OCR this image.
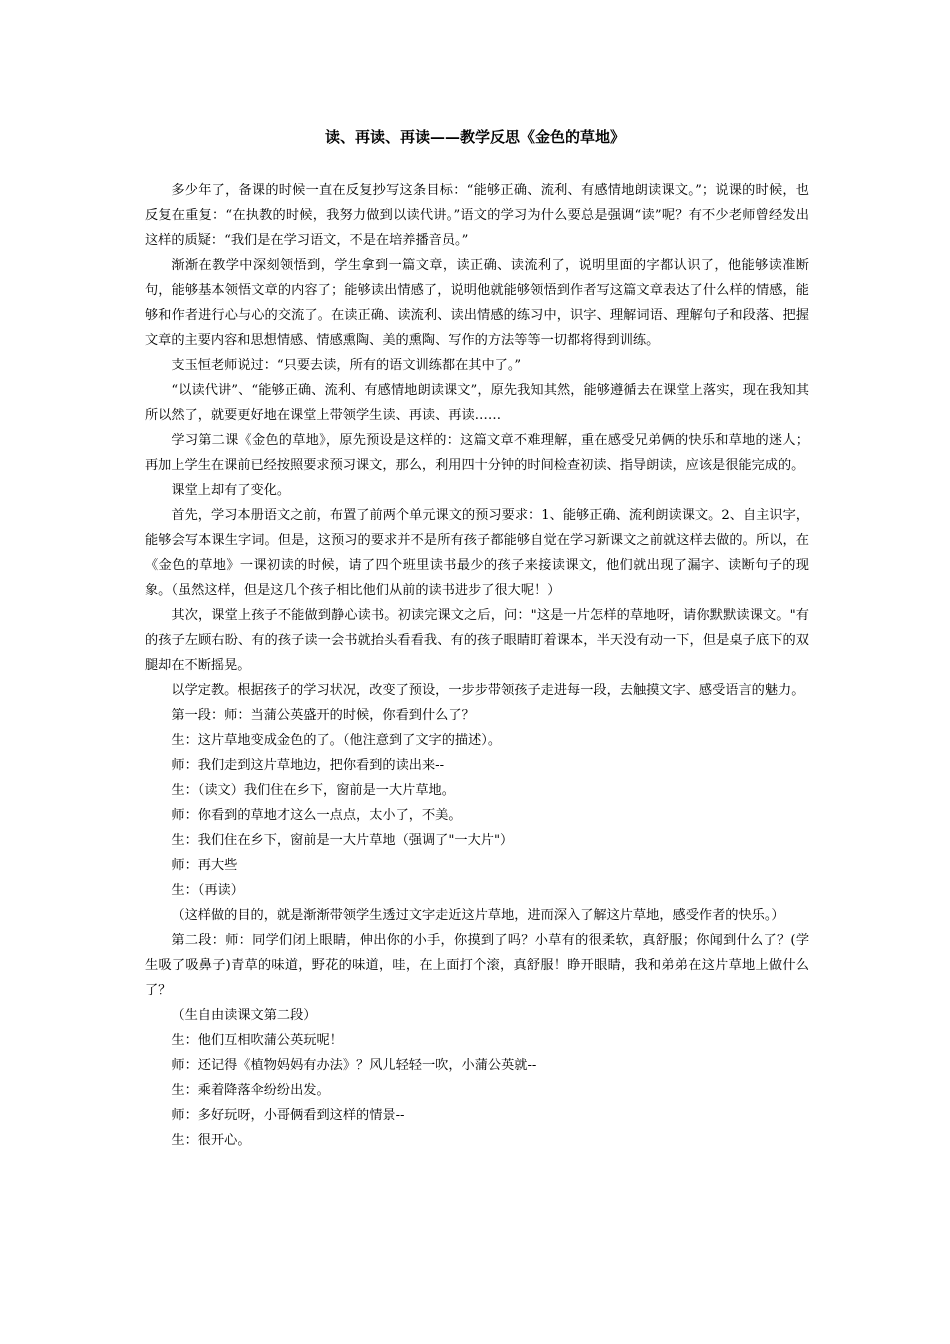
读、再读、再读——教学反思《金色的草地》

多少年了，备课的时候一直在反复抄写这条目标：“能够正确、流利、有感情地朗读课文。”；说课的时候，也反复在重复：“在执教的时候，我努力做到以读代讲。”语文的学习为什么要总是强调“读”呢？有不少老师曾经发出这样的质疑：“我们是在学习语文，不是在培养播音员。”

渐渐在教学中深刻领悟到，学生拿到一篇文章，读正确、读流利了，说明里面的字都认识了，他能够读准断句，能够基本领悟文章的内容了；能够读出情感了，说明他就能够领悟到作者写这篇文章表达了什么样的情感，能够和作者进行心与心的交流了。在读正确、读流利、读出情感的练习中，识字、理解词语、理解句子和段落、把握文章的主要内容和思想情感、情感熏陶、美的熏陶、写作的方法等等一切都将得到训练。

支玉恒老师说过：“只要去读，所有的语文训练都在其中了。”

“以读代讲”、“能够正确、流利、有感情地朗读课文”，原先我知其然，能够遵循去在课堂上落实，现在我知其所以然了，就要更好地在课堂上带领学生读、再读、再读……

学习第二课《金色的草地》，原先预设是这样的：这篇文章不难理解，重在感受兄弟俩的快乐和草地的迷人；再加上学生在课前已经按照要求预习课文，那么，利用四十分钟的时间检查初读、指导朗读，应该是很能完成的。

课堂上却有了变化。

首先，学习本册语文之前，布置了前两个单元课文的预习要求：1、能够正确、流利朗读课文。2、自主识字，能够会写本课生字词。但是，这预习的要求并不是所有孩子都能够自觉在学习新课文之前就这样去做的。所以，在《金色的草地》一课初读的时候，请了四个班里读书最少的孩子来接读课文，他们就出现了漏字、读断句子的现象。（虽然这样，但是这几个孩子相比他们从前的读书进步了很大呢！）

其次，课堂上孩子不能做到静心读书。初读完课文之后，问："这是一片怎样的草地呀，请你默默读课文。"有的孩子左顾右盼、有的孩子读一会书就抬头看看我、有的孩子眼睛盯着课本，半天没有动一下，但是桌子底下的双腿却在不断摇晃。

以学定教。根据孩子的学习状况，改变了预设，一步步带领孩子走进每一段，去触摸文字、感受语言的魅力。

第一段：师：当蒲公英盛开的时候，你看到什么了？

生：这片草地变成金色的了。（他注意到了文字的描述）。

师：我们走到这片草地边，把你看到的读出来--

生：（读文）我们住在乡下，窗前是一大片草地。

师：你看到的草地才这么一点点，太小了，不美。

生：我们住在乡下，窗前是一大片草地（强调了"一大片"）

师：再大些

生：（再读）

（这样做的目的，就是渐渐带领学生透过文字走近这片草地，进而深入了解这片草地，感受作者的快乐。）

第二段：师：同学们闭上眼睛，伸出你的小手，你摸到了吗？小草有的很柔软，真舒服；你闻到什么了？(学生吸了吸鼻子)青草的味道，野花的味道，哇，在上面打个滚，真舒服！睁开眼睛，我和弟弟在这片草地上做什么了？

（生自由读课文第二段）

生：他们互相吹蒲公英玩呢！

师：还记得《植物妈妈有办法》？风儿轻轻一吹，小蒲公英就--

生：乘着降落伞纷纷出发。

师：多好玩呀，小哥俩看到这样的情景--

生：很开心。
